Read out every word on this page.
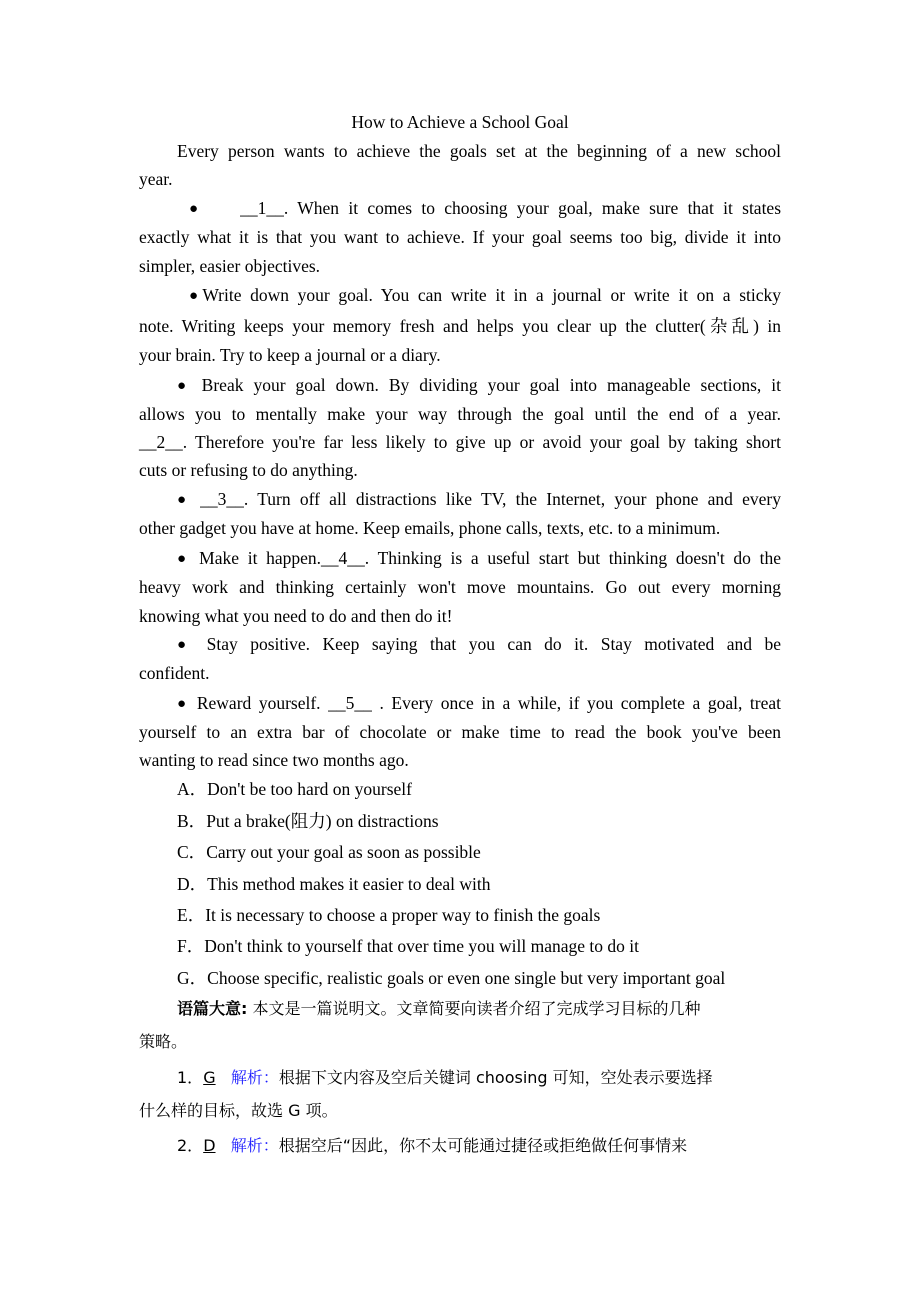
How to Achieve a School Goal
Every person wants to achieve the goals set at the beginning of a new school
year.
● __1__. When it comes to choosing your goal, make sure that it states
exactly what it is that you want to achieve. If your goal seems too big, divide it into
simpler, easier objectives.
●Write down your goal. You can write it in a journal or write it on a sticky
note. Writing keeps your memory fresh and helps you clear up the clutter(杂乱) in
your brain. Try to keep a journal or a diary.
● Break your goal down. By dividing your goal into manageable sections, it
allows you to mentally make your way through the goal until the end of a year.
__2__. Therefore you're far less likely to give up or avoid your goal by taking short
cuts or refusing to do anything.
● __3__. Turn off all distractions like TV, the Internet, your phone and every
other gadget you have at home. Keep emails, phone calls, texts, etc. to a minimum.
● Make it happen.__4__. Thinking is a useful start but thinking doesn't do the
heavy work and thinking certainly won't move mountains. Go out every morning
knowing what you need to do and then do it!
● Stay positive. Keep saying that you can do it. Stay motivated and be
confident.
● Reward yourself. __5__ . Every once in a while, if you complete a goal, treat
yourself to an extra bar of chocolate or make time to read the book you've been
wanting to read since two months ago.
A．Don't be too hard on yourself
B．Put a brake(阻力) on distractions
C．Carry out your goal as soon as possible
D．This method makes it easier to deal with
E．It is necessary to choose a proper way to finish the goals
F．Don't think to yourself that over time you will manage to do it
G．Choose specific, realistic goals or even one single but very important goal
语篇大意: 本文是一篇说明文。文章简要向读者介绍了完成学习目标的几种
策略。
1．G 解析：根据下文内容及空后关键词 choosing 可知，空处表示要选择
什么样的目标，故选 G 项。
2．D 解析：根据空后“因此，你不太可能通过捷径或拒绝做任何事情来
